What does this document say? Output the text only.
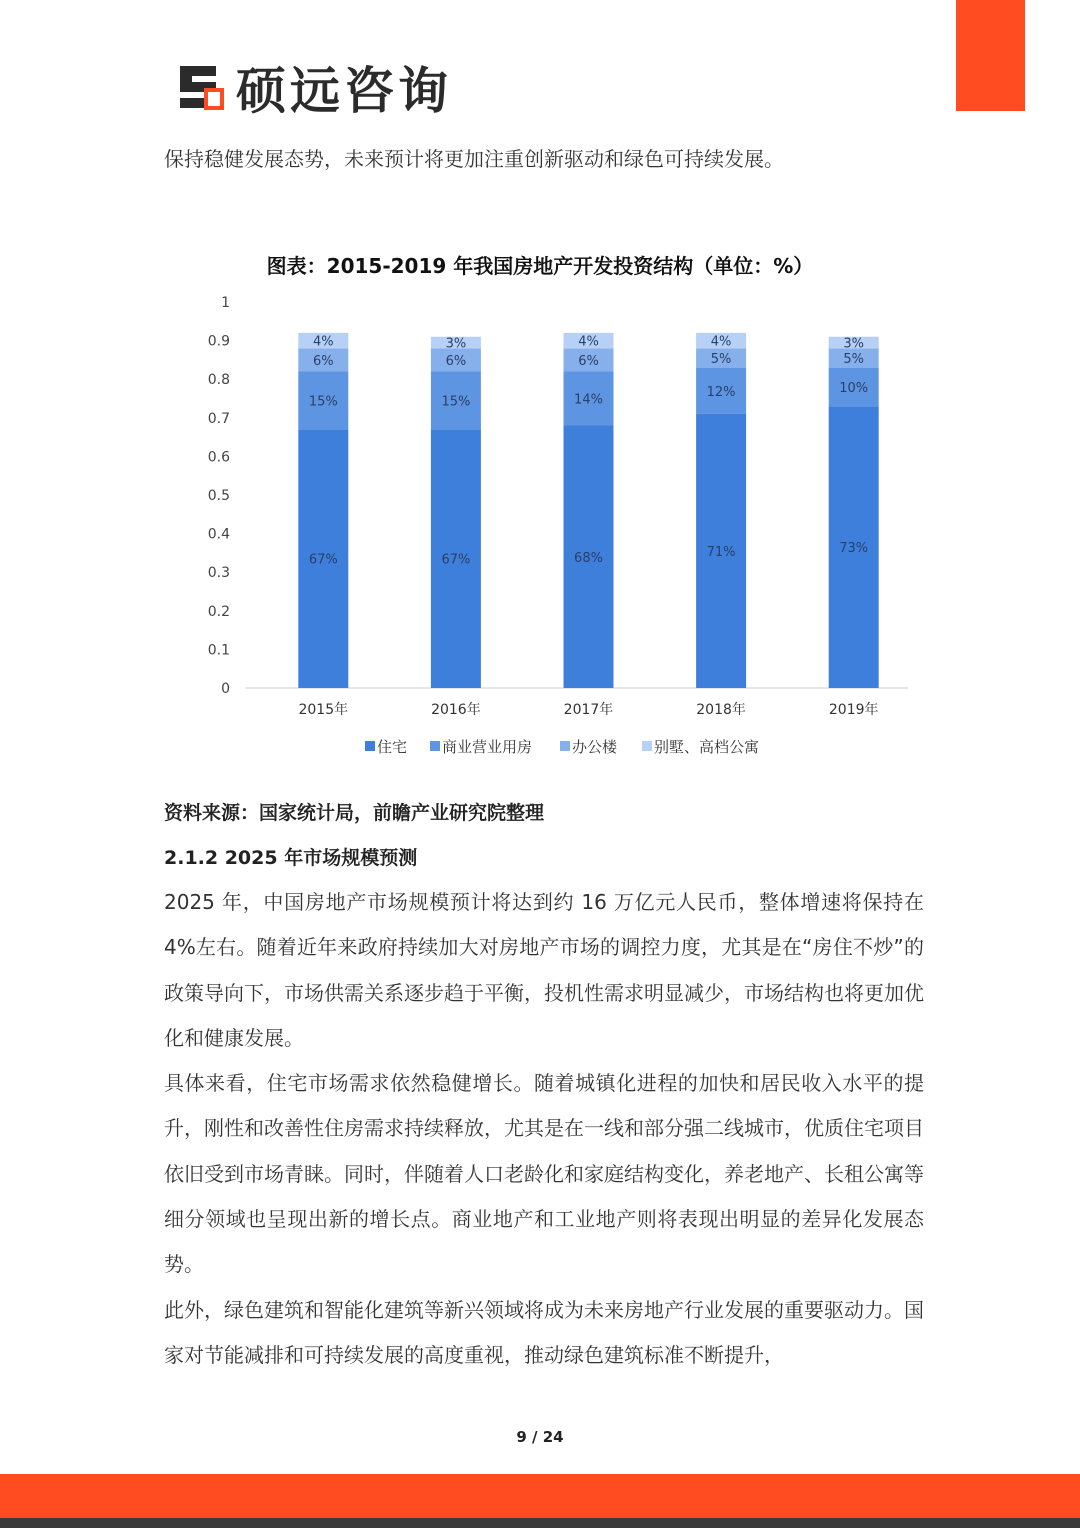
硕远咨询
保持稳健发展态势，未来预计将更加注重创新驱动和绿色可持续发展。
图表：2015-2019 年我国房地产开发投资结构（单位：%）
0
0.1
0.2
0.3
0.4
0.5
0.6
0.7
0.8
0.9
1
67%
15%
6%
4%
2015年
67%
15%
6%
3%
2016年
68%
14%
6%
4%
2017年
71%
12%
5%
4%
2018年
73%
10%
5%
3%
2019年
住宅 商业营业用房	办公楼 别墅、高档公寓
资料来源：国家统计局，前瞻产业研究院整理
2.1.2 2025 年市场规模预测

2025 年，中国房地产市场规模预计将达到约 16 万亿元人民币，整体增速将保持在 4%左右。随着近年来政府持续加大对房地产市场的调控力度，尤其是在“房住不炒”的政策导向下，市场供需关系逐步趋于平衡，投机性需求明显减少，市场结构也将更加优化和健康发展。

具体来看，住宅市场需求依然稳健增长。随着城镇化进程的加快和居民收入水平的提升，刚性和改善性住房需求持续释放，尤其是在一线和部分强二线城市，优质住宅项目依旧受到市场青睐。同时，伴随着人口老龄化和家庭结构变化，养老地产、长租公寓等细分领域也呈现出新的增长点。商业地产和工业地产则将表现出明显的差异化发展态势。

此外，绿色建筑和智能化建筑等新兴领域将成为未来房地产行业发展的重要驱动力。国家对节能减排和可持续发展的高度重视，推动绿色建筑标准不断提升，

9 / 24
